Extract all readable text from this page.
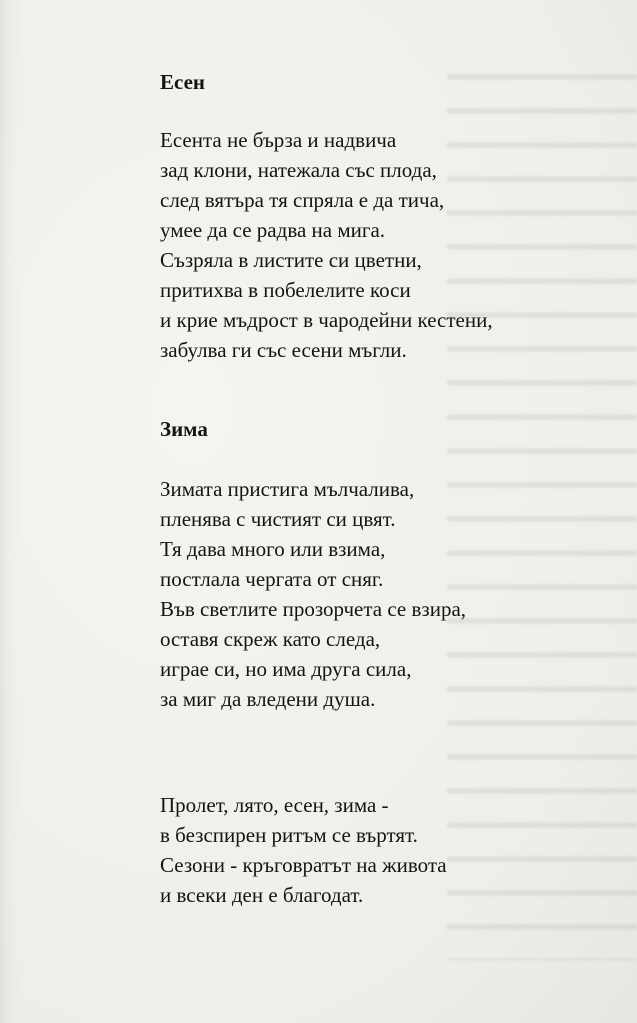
Есен
Есента не бърза и надвича
зад клони, натежала със плода,
след вятъра тя спряла е да тича,
умее да се радва на мига.
Съзряла в листите си цветни,
притихва в побелелите коси
и крие мъдрост в чародейни кестени,
забулва ги със есени мъгли.
Зима
Зимата пристига мълчалива,
пленява с чистият си цвят.
Тя дава много или взима,
постлала чергата от сняг.
Във светлите прозорчета се взира,
оставя скреж като следа,
играе си, но има друга сила,
за миг да вледени душа.
Пролет, лято, есен, зима -
в безспирен ритъм се въртят.
Сезони - кръговратът на живота
и всеки ден е благодат.
